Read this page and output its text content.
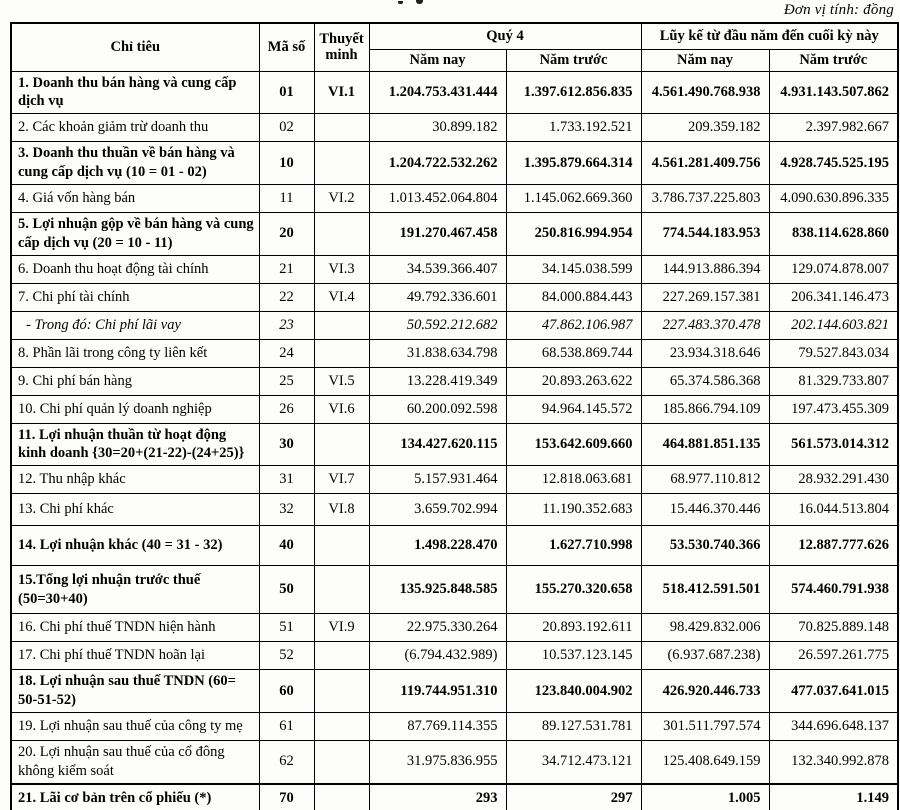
Đơn vị tính: đồng
Chỉ tiêu	Mã số	Thuyết minh	Quý 4		Lũy kế từ đầu năm đến cuối kỳ này	
			Năm nay	Năm trước	Năm nay	Năm trước
1. Doanh thu bán hàng và cung cấp dịch vụ	01	VI.1	1.204.753.431.444	1.397.612.856.835	4.561.490.768.938	4.931.143.507.862
2. Các khoản giảm trừ doanh thu	02		30.899.182	1.733.192.521	209.359.182	2.397.982.667
3. Doanh thu thuần về bán hàng và cung cấp dịch vụ (10 = 01 - 02)	10		1.204.722.532.262	1.395.879.664.314	4.561.281.409.756	4.928.745.525.195
4. Giá vốn hàng bán	11	VI.2	1.013.452.064.804	1.145.062.669.360	3.786.737.225.803	4.090.630.896.335
5. Lợi nhuận gộp về bán hàng và cung cấp dịch vụ (20 = 10 - 11)	20		191.270.467.458	250.816.994.954	774.544.183.953	838.114.628.860
6. Doanh thu hoạt động tài chính	21	VI.3	34.539.366.407	34.145.038.599	144.913.886.394	129.074.878.007
7. Chi phí tài chính	22	VI.4	49.792.336.601	84.000.884.443	227.269.157.381	206.341.146.473
- Trong đó: Chi phí lãi vay	23		50.592.212.682	47.862.106.987	227.483.370.478	202.144.603.821
8. Phần lãi trong công ty liên kết	24		31.838.634.798	68.538.869.744	23.934.318.646	79.527.843.034
9. Chi phí bán hàng	25	VI.5	13.228.419.349	20.893.263.622	65.374.586.368	81.329.733.807
10. Chi phí quản lý doanh nghiệp	26	VI.6	60.200.092.598	94.964.145.572	185.866.794.109	197.473.455.309
11. Lợi nhuận thuần từ hoạt động kinh doanh {30=20+(21-22)-(24+25)}	30		134.427.620.115	153.642.609.660	464.881.851.135	561.573.014.312
12. Thu nhập khác	31	VI.7	5.157.931.464	12.818.063.681	68.977.110.812	28.932.291.430
13. Chi phí khác	32	VI.8	3.659.702.994	11.190.352.683	15.446.370.446	16.044.513.804
14. Lợi nhuận khác (40 = 31 - 32)	40		1.498.228.470	1.627.710.998	53.530.740.366	12.887.777.626
15.Tổng lợi nhuận trước thuế (50=30+40)	50		135.925.848.585	155.270.320.658	518.412.591.501	574.460.791.938
16. Chi phí thuế TNDN hiện hành	51	VI.9	22.975.330.264	20.893.192.611	98.429.832.006	70.825.889.148
17. Chi phí thuế TNDN hoãn lại	52		(6.794.432.989)	10.537.123.145	(6.937.687.238)	26.597.261.775
18. Lợi nhuận sau thuế TNDN (60= 50-51-52)	60		119.744.951.310	123.840.004.902	426.920.446.733	477.037.641.015
19. Lợi nhuận sau thuế của công ty mẹ	61		87.769.114.355	89.127.531.781	301.511.797.574	344.696.648.137
20. Lợi nhuận sau thuế của cổ đông không kiểm soát	62		31.975.836.955	34.712.473.121	125.408.649.159	132.340.992.878
21. Lãi cơ bản trên cổ phiếu (*)	70		293	297	1.005	1.149
